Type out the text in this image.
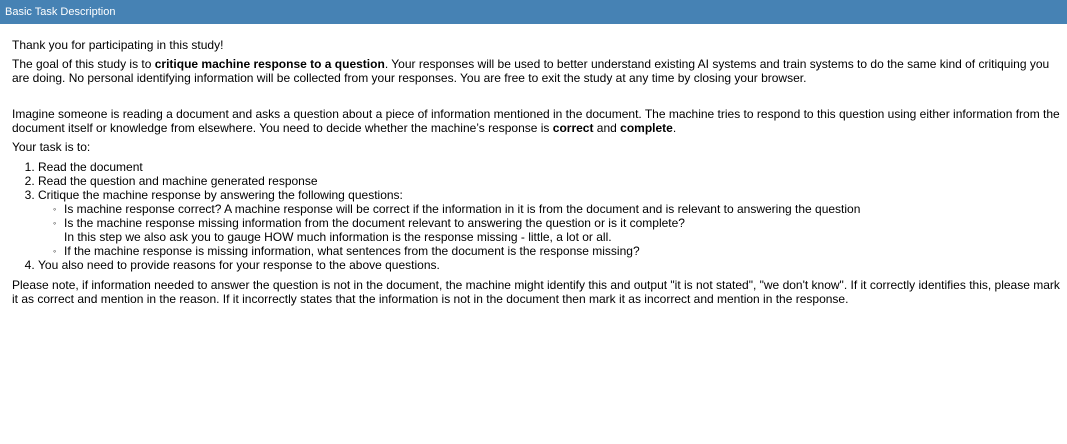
Basic Task Description

Thank you for participating in this study!

The goal of this study is to critique machine response to a question. Your responses will be used to better understand existing AI systems and train systems to do the same kind of critiquing you are doing. No personal identifying information will be collected from your responses. You are free to exit the study at any time by closing your browser.

Imagine someone is reading a document and asks a question about a piece of information mentioned in the document. The machine tries to respond to this question using either information from the document itself or knowledge from elsewhere. You need to decide whether the machine’s response is correct and complete.

Your task is to:

1. Read the document
2. Read the question and machine generated response
3. Critique the machine response by answering the following questions:
◦ Is machine response correct? A machine response will be correct if the information in it is from the document and is relevant to answering the question
◦ Is the machine response missing information from the document relevant to answering the question or is it complete?
In this step we also ask you to gauge HOW much information is the response missing - little, a lot or all.
◦ If the machine response is missing information, what sentences from the document is the response missing?
4. You also need to provide reasons for your response to the above questions.

Please note, if information needed to answer the question is not in the document, the machine might identify this and output "it is not stated", "we don't know". If it correctly identifies this, please mark it as correct and mention in the reason. If it incorrectly states that the information is not in the document then mark it as incorrect and mention in the response.
